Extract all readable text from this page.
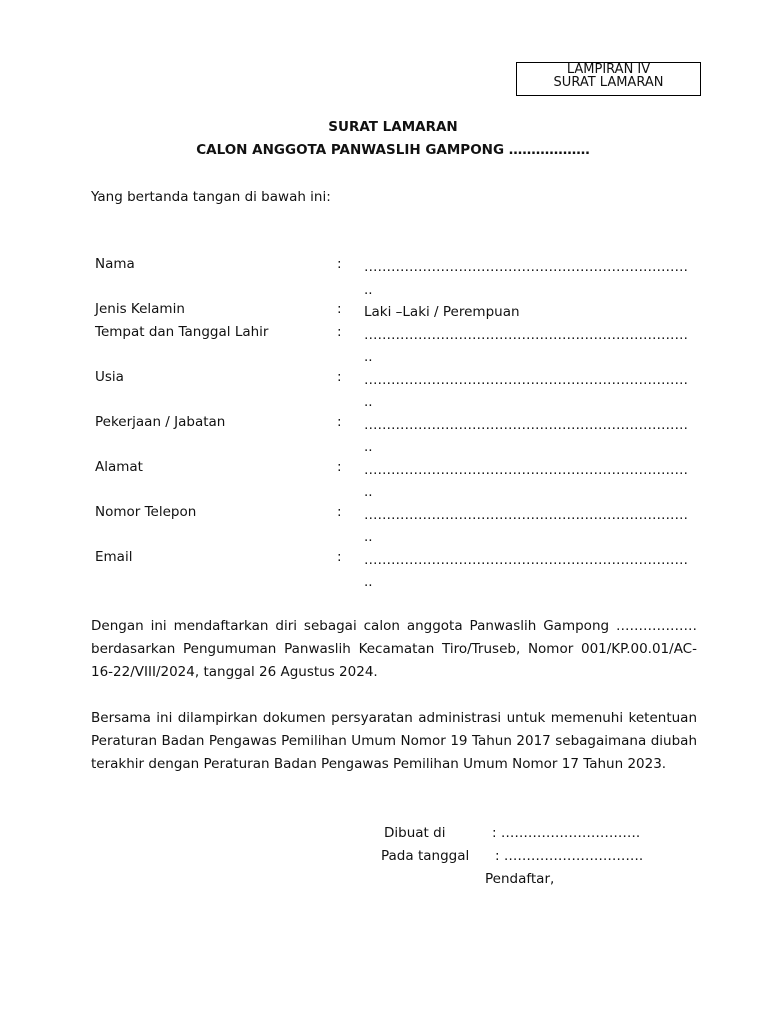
LAMPIRAN IV
SURAT LAMARAN
SURAT LAMARAN
CALON ANGGOTA PANWASLIH GAMPONG ………………
Yang bertanda tangan di bawah ini:
Nama	: ………………………………………………………………
..
Jenis Kelamin	: Laki –Laki / Perempuan
Tempat dan Tanggal Lahir	: ………………………………………………………………
..
Usia	: ………………………………………………………………
..
Pekerjaan / Jabatan	: ………………………………………………………………
..
Alamat	: ………………………………………………………………
..
Nomor Telepon	: ………………………………………………………………
..
Email	: ………………………………………………………………
..
Dengan ini mendaftarkan diri sebagai calon anggota Panwaslih Gampong ……………… berdasarkan Pengumuman Panwaslih Kecamatan Tiro/Truseb, Nomor 001/KP.00.01/AC-16-22/VIII/2024, tanggal 26 Agustus 2024.
Bersama ini dilampirkan dokumen persyaratan administrasi untuk memenuhi ketentuan Peraturan Badan Pengawas Pemilihan Umum Nomor 19 Tahun 2017 sebagaimana diubah terakhir dengan Peraturan Badan Pengawas Pemilihan Umum Nomor 17 Tahun 2023.
Dibuat di	: ………………………….
Pada tanggal : ………………………….
Pendaftar,
